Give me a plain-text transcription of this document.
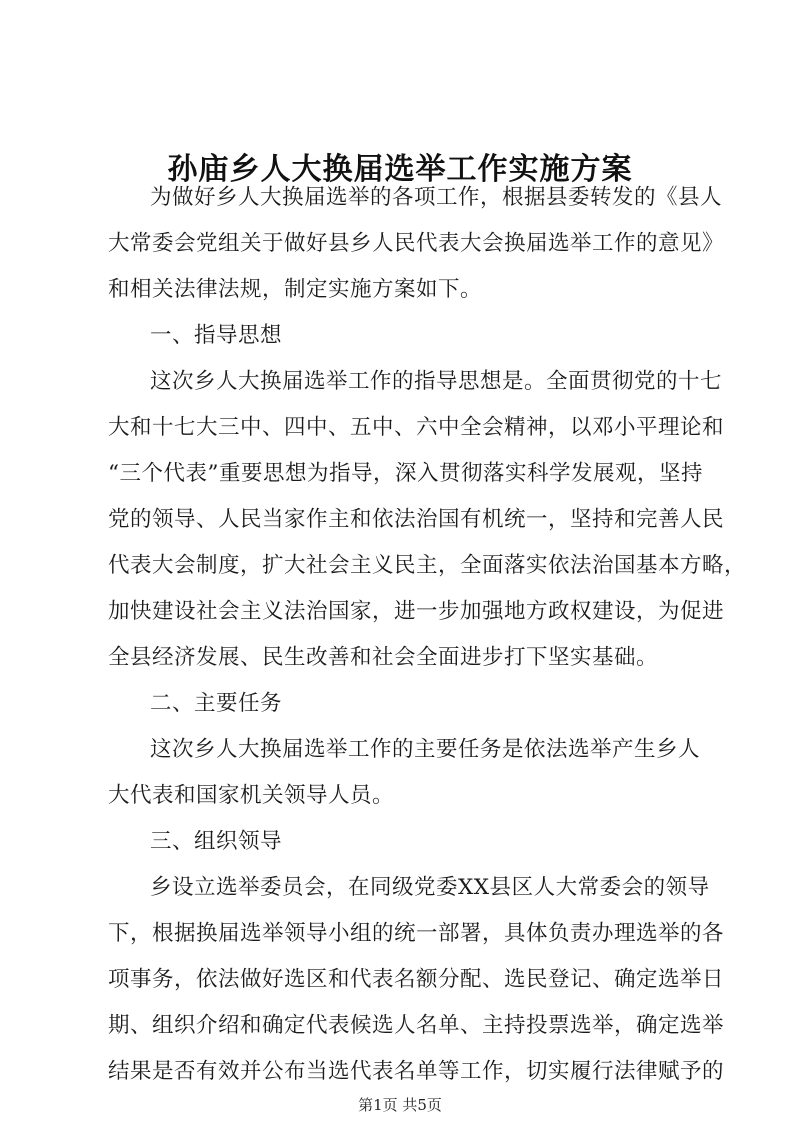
孙庙乡人大换届选举工作实施方案
为做好乡人大换届选举的各项工作，根据县委转发的《县人
大常委会党组关于做好县乡人民代表大会换届选举工作的意见》
和相关法律法规，制定实施方案如下。
一、指导思想
这次乡人大换届选举工作的指导思想是。全面贯彻党的十七
大和十七大三中、四中、五中、六中全会精神，以邓小平理论和
“三个代表”重要思想为指导，深入贯彻落实科学发展观，坚持
党的领导、人民当家作主和依法治国有机统一，坚持和完善人民
代表大会制度，扩大社会主义民主，全面落实依法治国基本方略，
加快建设社会主义法治国家，进一步加强地方政权建设，为促进
全县经济发展、民生改善和社会全面进步打下坚实基础。
二、主要任务
这次乡人大换届选举工作的主要任务是依法选举产生乡人
大代表和国家机关领导人员。
三、组织领导
乡设立选举委员会，在同级党委XX县区人大常委会的领导
下，根据换届选举领导小组的统一部署，具体负责办理选举的各
项事务，依法做好选区和代表名额分配、选民登记、确定选举日
期、组织介绍和确定代表候选人名单、主持投票选举，确定选举
结果是否有效并公布当选代表名单等工作，切实履行法律赋予的
第1页 共5页
